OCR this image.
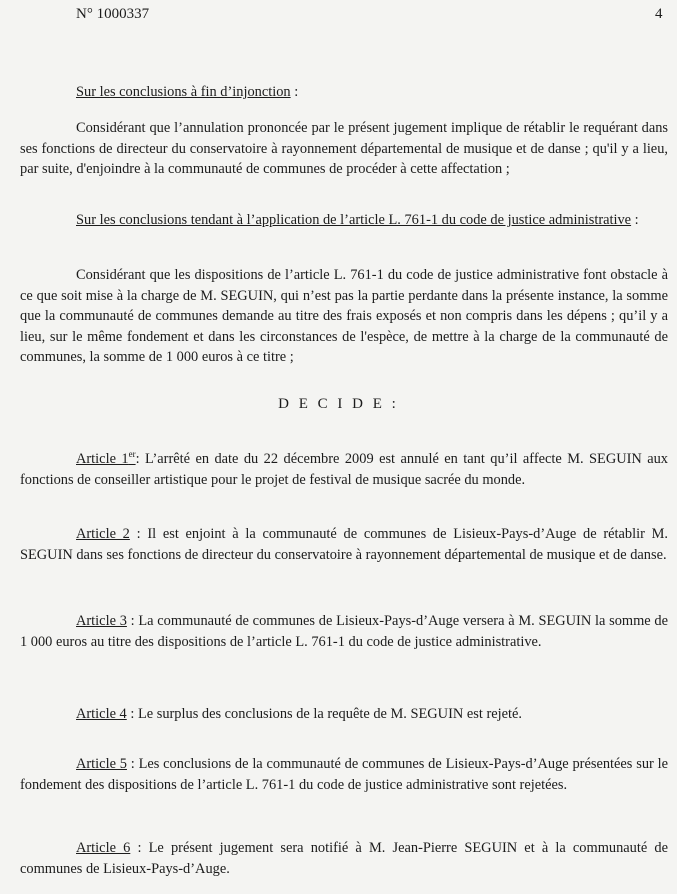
N° 1000337	4

Sur les conclusions à fin d’injonction :

Considérant que l’annulation prononcée par le présent jugement implique de rétablir le requérant dans ses fonctions de directeur du conservatoire à rayonnement départemental de musique et de danse ; qu'il y a lieu, par suite, d'enjoindre à la communauté de communes de procéder à cette affectation ;

Sur les conclusions tendant à l’application de l’article L. 761-1 du code de justice administrative :

Considérant que les dispositions de l’article L. 761-1 du code de justice administrative font obstacle à ce que soit mise à la charge de M. SEGUIN, qui n’est pas la partie perdante dans la présente instance, la somme que la communauté de communes demande au titre des frais exposés et non compris dans les dépens ; qu’il y a lieu, sur le même fondement et dans les circonstances de l'espèce, de mettre à la charge de la communauté de communes, la somme de 1 000 euros à ce titre ;

D E C I D E :

Article 1er: L’arrêté en date du 22 décembre 2009 est annulé en tant qu’il affecte M. SEGUIN aux fonctions de conseiller artistique pour le projet de festival de musique sacrée du monde.

Article 2 : Il est enjoint à la communauté de communes de Lisieux-Pays-d’Auge de rétablir M. SEGUIN dans ses fonctions de directeur du conservatoire à rayonnement départemental de musique et de danse.

Article 3 : La communauté de communes de Lisieux-Pays-d’Auge versera à M. SEGUIN la somme de 1 000 euros au titre des dispositions de l’article L. 761-1 du code de justice administrative.

Article 4 : Le surplus des conclusions de la requête de M. SEGUIN est rejeté.

Article 5 : Les conclusions de la communauté de communes de Lisieux-Pays-d’Auge présentées sur le fondement des dispositions de l’article L. 761-1 du code de justice administrative sont rejetées.

Article 6 : Le présent jugement sera notifié à M. Jean-Pierre SEGUIN et à la communauté de communes de Lisieux-Pays-d’Auge.
